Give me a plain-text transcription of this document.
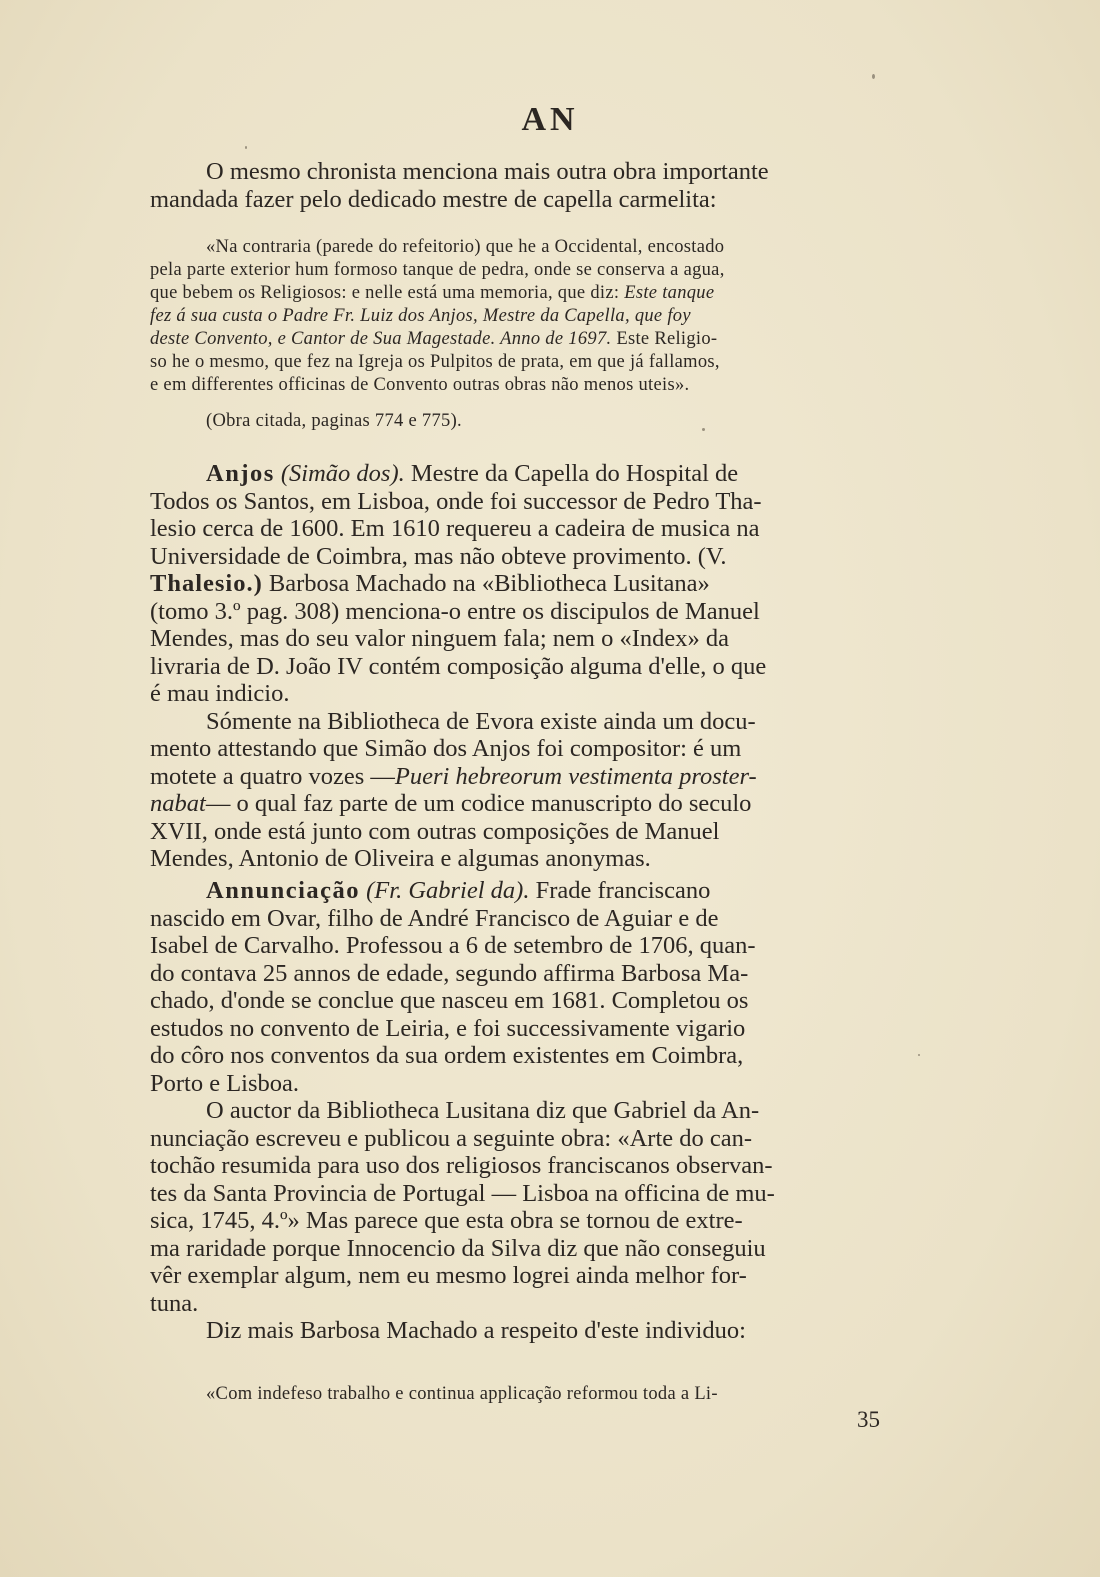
AN

O mesmo chronista menciona mais outra obra importante

mandada fazer pelo dedicado mestre de capella carmelita:

«Na contraria (parede do refeitorio) que he a Occidental, encostado

pela parte exterior hum formoso tanque de pedra, onde se conserva a agua,

que bebem os Religiosos: e nelle está uma memoria, que diz: Este tanque

fez á sua custa o Padre Fr. Luiz dos Anjos, Mestre da Capella, que foy

deste Convento, e Cantor de Sua Magestade. Anno de 1697. Este Religio-

so he o mesmo, que fez na Igreja os Pulpitos de prata, em que já fallamos,

e em differentes officinas de Convento outras obras não menos uteis».

(Obra citada, paginas 774 e 775).

Anjos (Simão dos). Mestre da Capella do Hospital de

Todos os Santos, em Lisboa, onde foi successor de Pedro Tha-

lesio cerca de 1600. Em 1610 requereu a cadeira de musica na

Universidade de Coimbra, mas não obteve provimento. (V.

Thalesio.) Barbosa Machado na «Bibliotheca Lusitana»

(tomo 3.º pag. 308) menciona-o entre os discipulos de Manuel

Mendes, mas do seu valor ninguem fala; nem o «Index» da

livraria de D. João IV contém composição alguma d'elle, o que

é mau indicio.

Sómente na Bibliotheca de Evora existe ainda um docu-

mento attestando que Simão dos Anjos foi compositor: é um

motete a quatro vozes —Pueri hebreorum vestimenta proster-

nabat— o qual faz parte de um codice manuscripto do seculo

XVII, onde está junto com outras composições de Manuel

Mendes, Antonio de Oliveira e algumas anonymas.

Annunciação (Fr. Gabriel da). Frade franciscano

nascido em Ovar, filho de André Francisco de Aguiar e de

Isabel de Carvalho. Professou a 6 de setembro de 1706, quan-

do contava 25 annos de edade, segundo affirma Barbosa Ma-

chado, d'onde se conclue que nasceu em 1681. Completou os

estudos no convento de Leiria, e foi successivamente vigario

do côro nos conventos da sua ordem existentes em Coimbra,

Porto e Lisboa.

O auctor da Bibliotheca Lusitana diz que Gabriel da An-

nunciação escreveu e publicou a seguinte obra: «Arte do can-

tochão resumida para uso dos religiosos franciscanos observan-

tes da Santa Provincia de Portugal — Lisboa na officina de mu-

sica, 1745, 4.º» Mas parece que esta obra se tornou de extre-

ma raridade porque Innocencio da Silva diz que não conseguiu

vêr exemplar algum, nem eu mesmo logrei ainda melhor for-

tuna.

Diz mais Barbosa Machado a respeito d'este individuo:

«Com indefeso trabalho e continua applicação reformou toda a Li-

35
